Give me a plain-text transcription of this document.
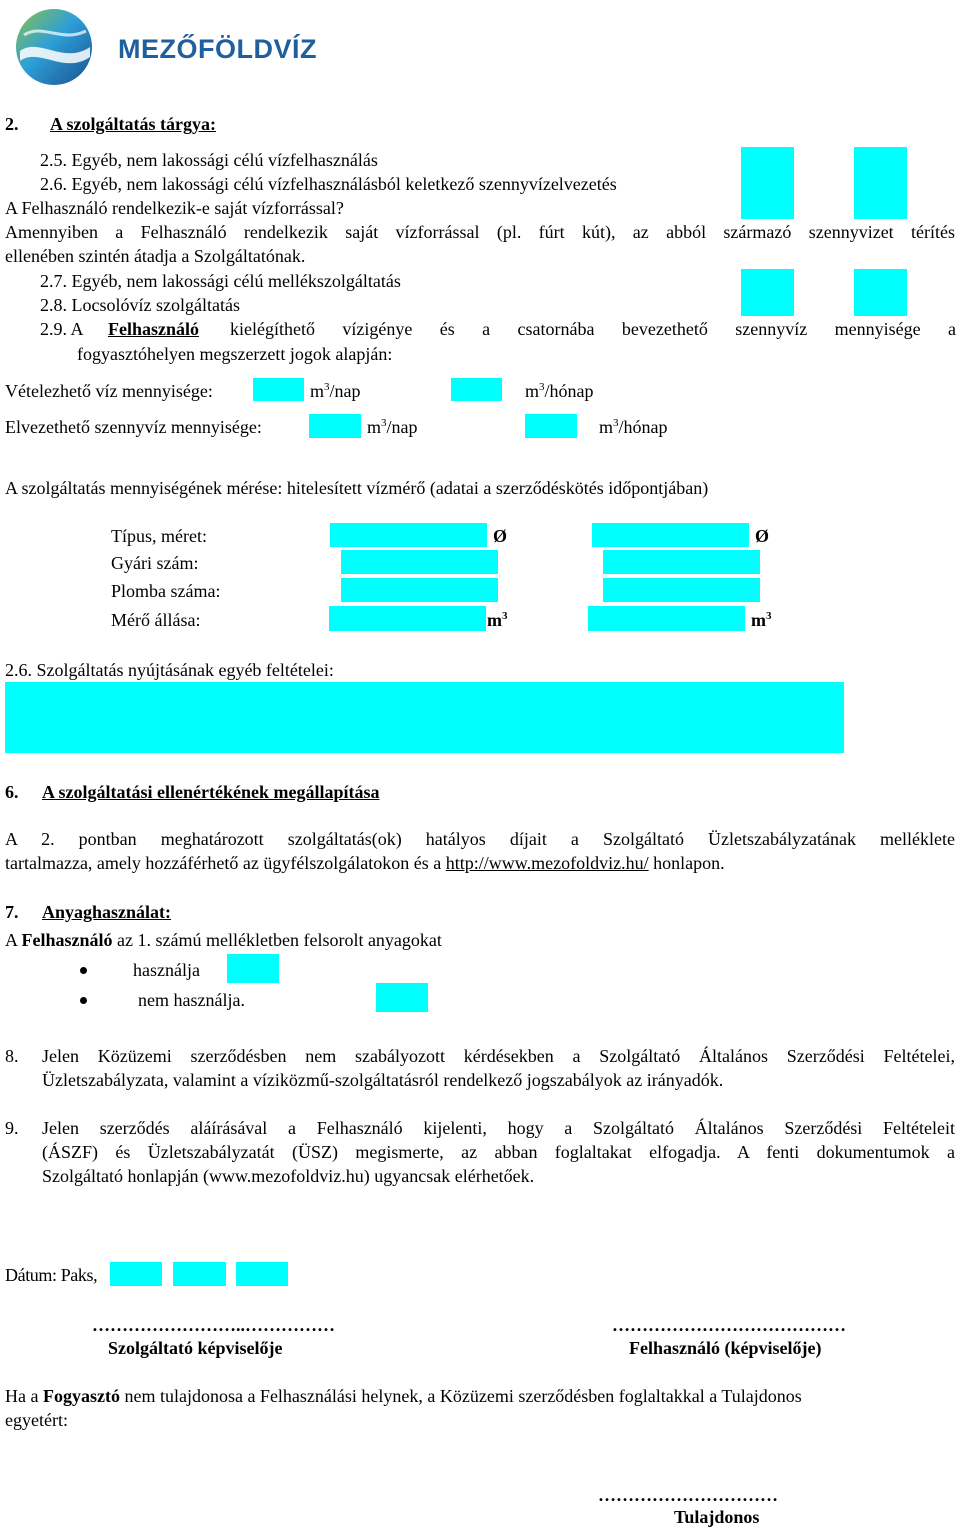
MEZŐFÖLDVÍZ
2. A szolgáltatás tárgya:
2.5. Egyéb, nem lakossági célú vízfelhasználás
2.6. Egyéb, nem lakossági célú vízfelhasználásból keletkező szennyvízelvezetés
A Felhasználó rendelkezik-e saját vízforrással?
Amennyiben a Felhasználó rendelkezik saját vízforrással (pl. fúrt kút), az abból származó szennyvizet térítés
ellenében szintén átadja a Szolgáltatónak.
2.7. Egyéb, nem lakossági célú mellékszolgáltatás
2.8. Locsolóvíz szolgáltatás
2.9. A Felhasználó kielégíthető vízigénye és a csatornába bevezethető szennyvíz mennyisége a
fogyasztóhelyen megszerzett jogok alapján:
Vételezhető víz mennyisége:	$m^3$/nap	$m^3$/hónap
Elvezethető szennyvíz mennyisége:	$m^3$/nap	$m^3$/hónap
A szolgáltatás mennyiségének mérése: hitelesített vízmérő (adatai a szerződéskötés időpontjában)
Típus, méret:	Ø	Ø
Gyári szám:
Plomba száma:
Mérő állása:	$m^3$	$m^3$
2.6. Szolgáltatás nyújtásának egyéb feltételei:
6. A szolgáltatási ellenértékének megállapítása
A 2. pontban meghatározott szolgáltatás(ok) hatályos díjait a Szolgáltató Üzletszabályzatának melléklete
tartalmazza, amely hozzáférhető az ügyfélszolgálatokon és a http://www.mezofoldviz.hu/ honlapon.
7. Anyaghasználat:
A Felhasználó az 1. számú mellékletben felsorolt anyagokat
használja
nem használja.
8. Jelen Közüzemi szerződésben nem szabályozott kérdésekben a Szolgáltató Általános Szerződési Feltételei,
Üzletszabályzata, valamint a víziközmű-szolgáltatásról rendelkező jogszabályok az irányadók.
9. Jelen szerződés aláírásával a Felhasználó kijelenti, hogy a Szolgáltató Általános Szerződési Feltételeit
(ÁSZF) és Üzletszabályzatát (ÜSZ) megismerte, az abban foglaltakat elfogadja. A fenti dokumentumok a
Szolgáltató honlapján (www.mezofoldviz.hu) ugyancsak elérhetőek.
Dátum: Paks,
……………………..……………	…………………………………
Szolgáltató képviselője	Felhasználó (képviselője)
Ha a Fogyasztó nem tulajdonosa a Felhasználási helynek, a Közüzemi szerződésben foglaltakkal a Tulajdonos
egyetért:
…………………………
Tulajdonos
